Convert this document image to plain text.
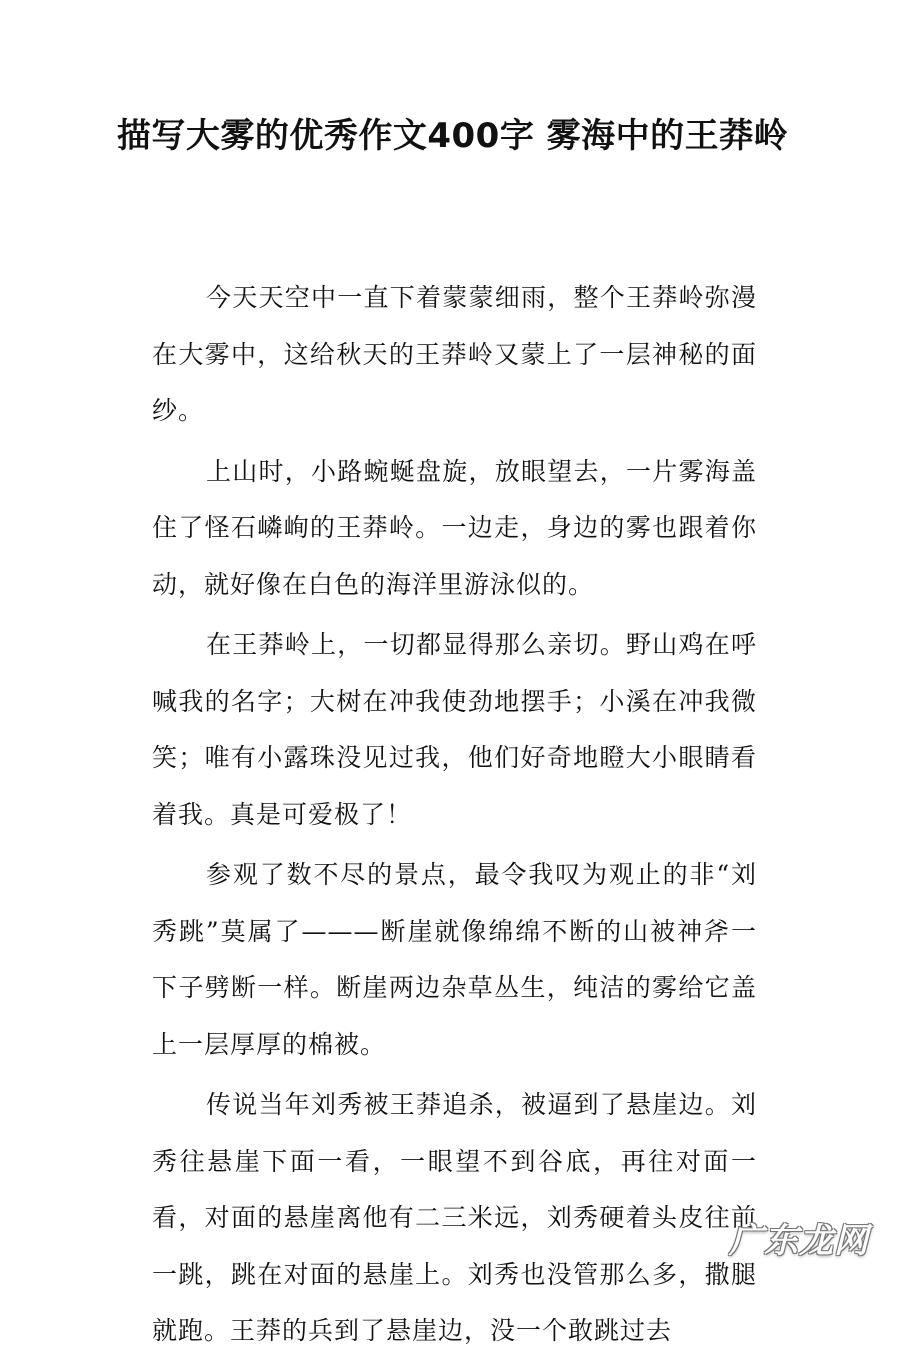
描写大雾的优秀作文400字 雾海中的王莽岭

今天天空中一直下着蒙蒙细雨，整个王莽岭弥漫在大雾中，这给秋天的王莽岭又蒙上了一层神秘的面纱。

上山时，小路蜿蜒盘旋，放眼望去，一片雾海盖住了怪石嶙峋的王莽岭。一边走，身边的雾也跟着你动，就好像在白色的海洋里游泳似的。

在王莽岭上，一切都显得那么亲切。野山鸡在呼喊我的名字；大树在冲我使劲地摆手；小溪在冲我微笑；唯有小露珠没见过我，他们好奇地瞪大小眼睛看着我。真是可爱极了！

参观了数不尽的景点，最令我叹为观止的非“刘秀跳”莫属了———断崖就像绵绵不断的山被神斧一下子劈断一样。断崖两边杂草丛生，纯洁的雾给它盖上一层厚厚的棉被。

传说当年刘秀被王莽追杀，被逼到了悬崖边。刘秀往悬崖下面一看，一眼望不到谷底，再往对面一看，对面的悬崖离他有二三米远，刘秀硬着头皮往前一跳，跳在对面的悬崖上。刘秀也没管那么多，撒腿就跑。王莽的兵到了悬崖边，没一个敢跳过去

广东龙网
